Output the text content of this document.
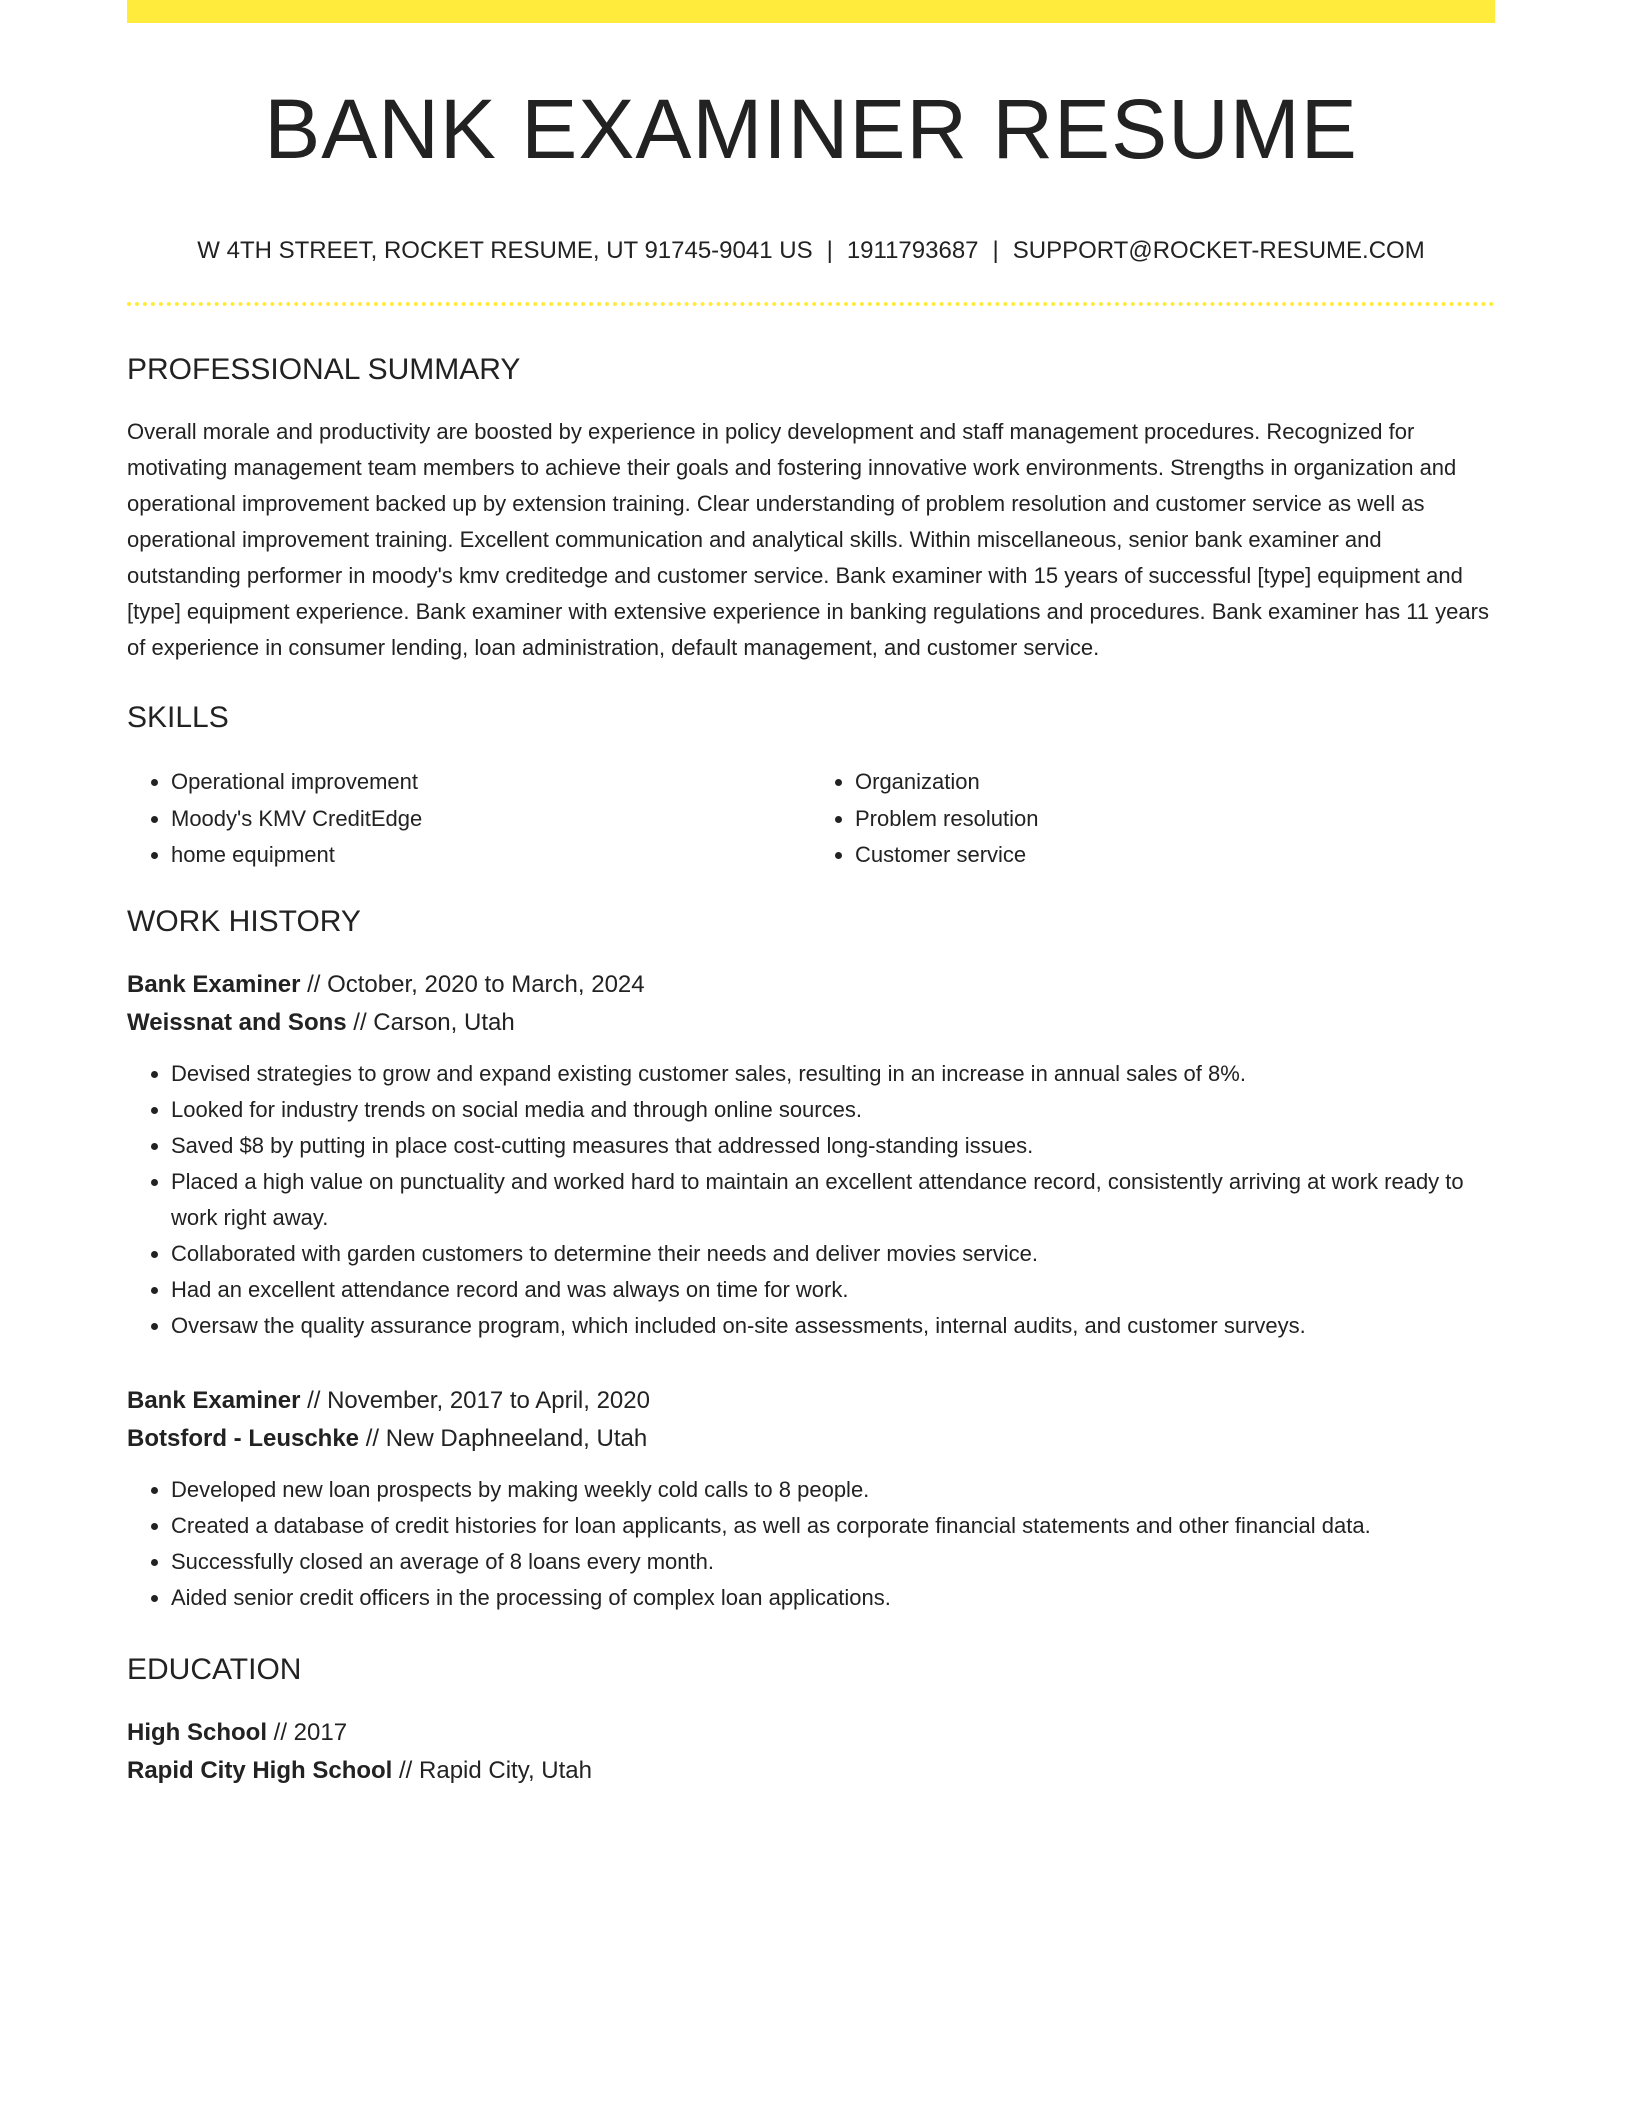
BANK EXAMINER RESUME
W 4TH STREET, ROCKET RESUME, UT 91745-9041 US | 1911793687 | SUPPORT@ROCKET-RESUME.COM
PROFESSIONAL SUMMARY

Overall morale and productivity are boosted by experience in policy development and staff management procedures. Recognized for motivating management team members to achieve their goals and fostering innovative work environments. Strengths in organization and operational improvement backed up by extension training. Clear understanding of problem resolution and customer service as well as operational improvement training. Excellent communication and analytical skills. Within miscellaneous, senior bank examiner and outstanding performer in moody's kmv creditedge and customer service. Bank examiner with 15 years of successful [type] equipment and [type] equipment experience. Bank examiner with extensive experience in banking regulations and procedures. Bank examiner has 11 years of experience in consumer lending, loan administration, default management, and customer service.

SKILLS
• Operational improvement
• Moody's KMV CreditEdge
• home equipment
• Organization
• Problem resolution
• Customer service
WORK HISTORY
Bank Examiner // October, 2020 to March, 2024
Weissnat and Sons // Carson, Utah
• Devised strategies to grow and expand existing customer sales, resulting in an increase in annual sales of 8%.
• Looked for industry trends on social media and through online sources.
• Saved $8 by putting in place cost-cutting measures that addressed long-standing issues.
• Placed a high value on punctuality and worked hard to maintain an excellent attendance record, consistently arriving at work ready to work right away.
• Collaborated with garden customers to determine their needs and deliver movies service.
• Had an excellent attendance record and was always on time for work.
• Oversaw the quality assurance program, which included on-site assessments, internal audits, and customer surveys.
Bank Examiner // November, 2017 to April, 2020
Botsford - Leuschke // New Daphneeland, Utah
• Developed new loan prospects by making weekly cold calls to 8 people.
• Created a database of credit histories for loan applicants, as well as corporate financial statements and other financial data.
• Successfully closed an average of 8 loans every month.
• Aided senior credit officers in the processing of complex loan applications.
EDUCATION
High School // 2017
Rapid City High School // Rapid City, Utah
